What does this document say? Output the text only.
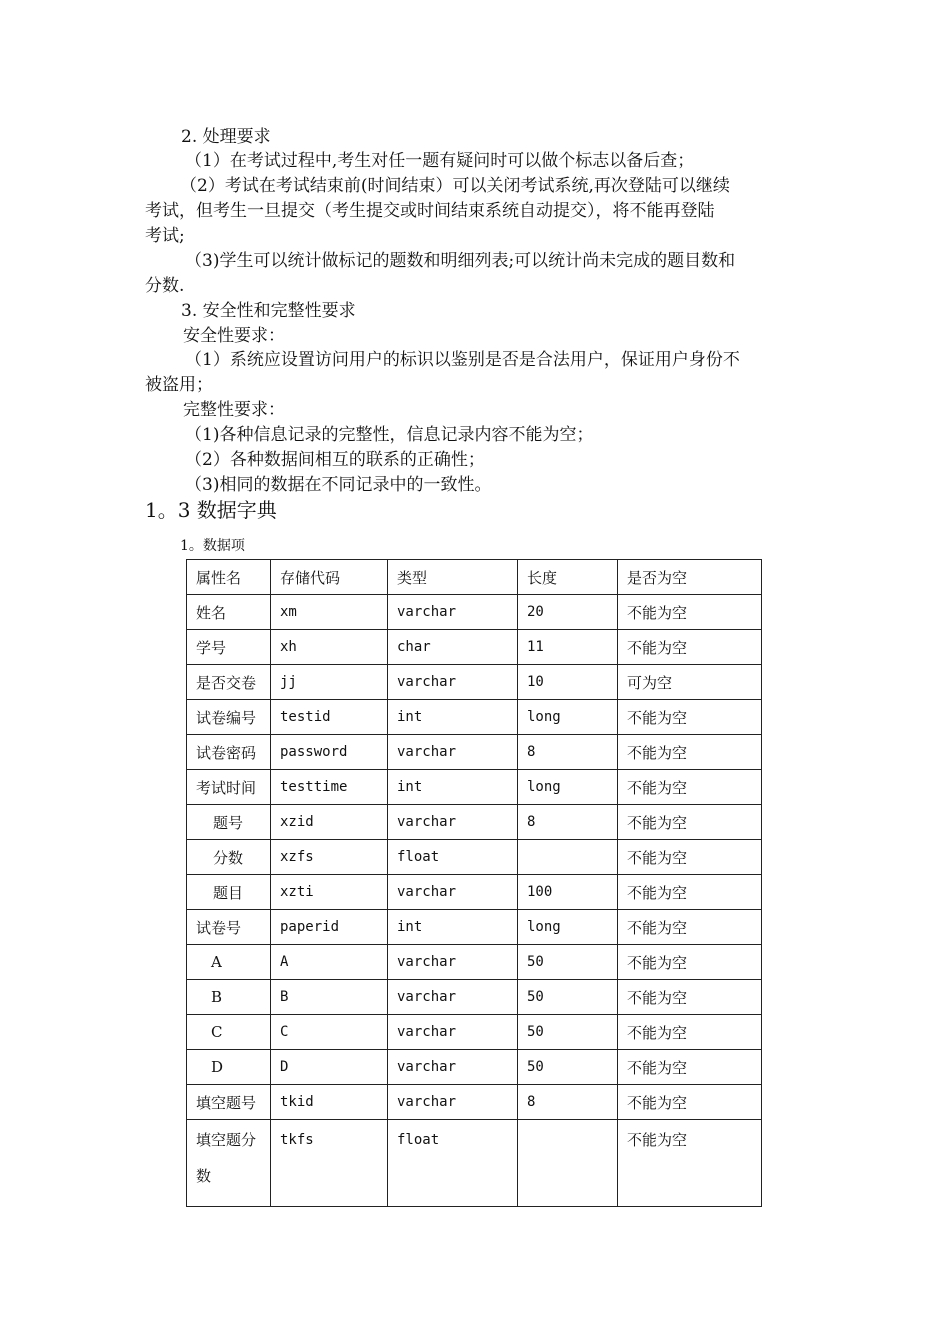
2. 处理要求
（1）在考试过程中,考生对任一题有疑问时可以做个标志以备后查；
（2）考试在考试结束前(时间结束）可以关闭考试系统,再次登陆可以继续
考试，但考生一旦提交（考生提交或时间结束系统自动提交），将不能再登陆
考试;
（3)学生可以统计做标记的题数和明细列表;可以统计尚未完成的题目数和
分数.
3. 安全性和完整性要求
安全性要求：
（1）系统应设置访问用户的标识以鉴别是否是合法用户，保证用户身份不
被盗用；
完整性要求：
（1)各种信息记录的完整性，信息记录内容不能为空；
（2）各种数据间相互的联系的正确性；
（3)相同的数据在不同记录中的一致性。
1。3 数据字典
1。数据项
属性名	存储代码	类型	长度	是否为空
姓名	xm	varchar	20	不能为空
学号	xh	char	11	不能为空
是否交卷	jj	varchar	10	可为空
试卷编号	testid	int	long	不能为空
试卷密码	password	varchar	8	不能为空
考试时间	testtime	int	long	不能为空
题号	xzid	varchar	8	不能为空
分数	xzfs	float		不能为空
题目	xzti	varchar	100	不能为空
试卷号	paperid	int	long	不能为空
A	A	varchar	50	不能为空
B	B	varchar	50	不能为空
C	C	varchar	50	不能为空
D	D	varchar	50	不能为空
填空题号	tkid	varchar	8	不能为空
填空题分数	tkfs	float		不能为空
